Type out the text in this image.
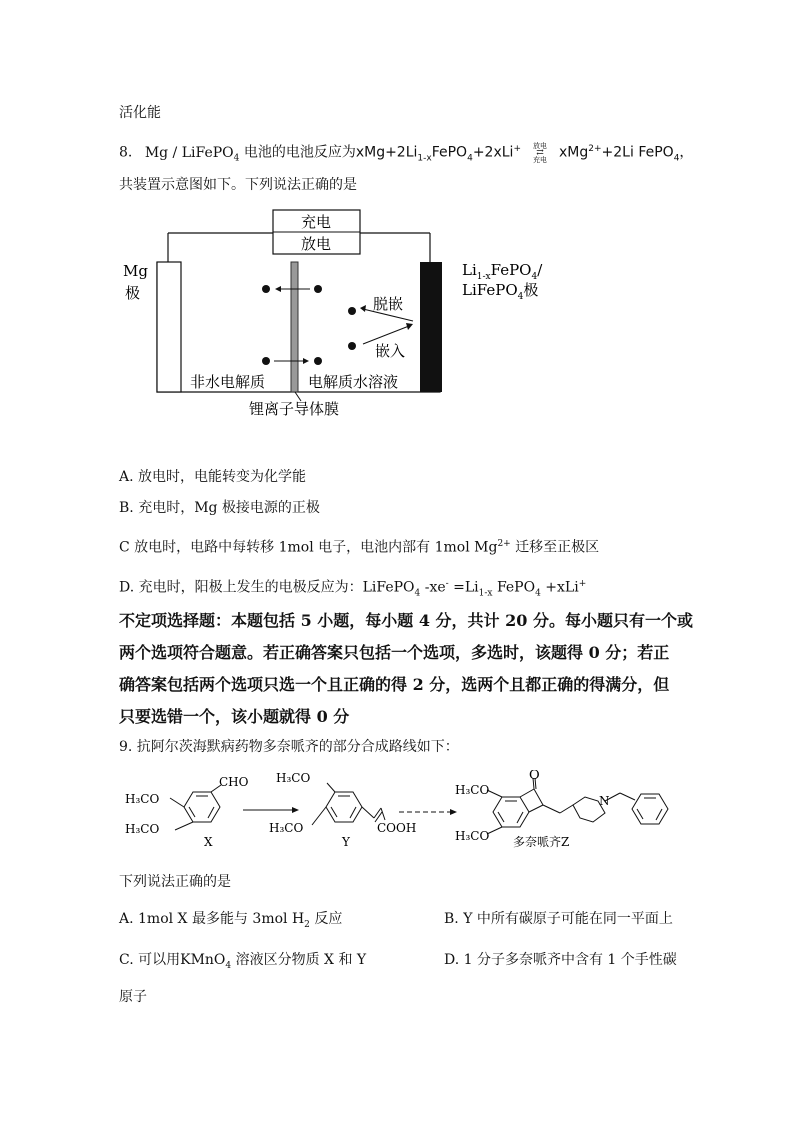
活化能
8. Mg / LiFePO$_4$ 电池的电池反应为$xMg+2Li_{1-x}FePO_4+2xLi^+$	放电
⇄
充电 xMg$^{2+}$+2Li FePO$_4$，
共装置示意图如下。下列说法正确的是
充电
放电
Mg
极
$Li_{1-x}FePO_4/$
LiFePO$_4$极
脱嵌
嵌入
非水电解质	电解质水溶液
锂离子导体膜
A. 放电时，电能转变为化学能
B. 充电时，Mg 极接电源的正极
C 放电时，电路中每转移 1mol 电子，电池内部有 1mol $Mg^{2+}$ 迁移至正极区
D. 充电时，阳极上发生的电极反应为：LiFePO$_4$ $-xe^- =Li_{1-x}$ FePO$_4$ +xLi+
不定项选择题：本题包括 5 小题，每小题 4 分，共计 20 分。每小题只有一个或
两个选项符合题意。若正确答案只包括一个选项，多选时，该题得 0 分；若正
确答案包括两个选项只选一个且正确的得 2 分，选两个且都正确的得满分，但
只要选错一个，该小题就得 0 分
9. 抗阿尔茨海默病药物多奈哌齐的部分合成路线如下：
H₃CO
H₃CO
CHO
X
H₃CO
H₃CO	COOH
Y
O
H₃CO
H₃CO
N
多奈哌齐Z
下列说法正确的是
A. 1mol X 最多能与 3mol $H_2$ 反应	B. Y 中所有碳原子可能在同一平面上
C. 可以用KMnO$_4$ 溶液区分物质 X 和 Y	D. 1 分子多奈哌齐中含有 1 个手性碳
原子
